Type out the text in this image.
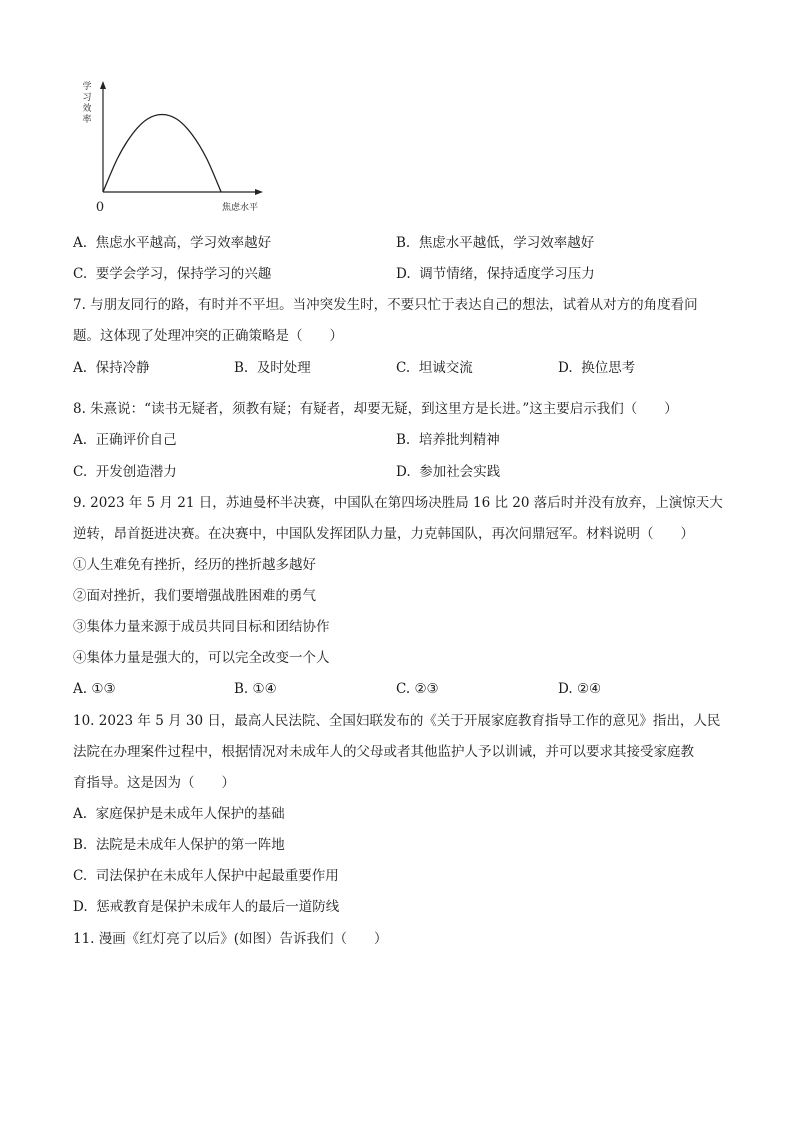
学
习
效
率
焦虑水平
0
A. 焦虑水平越高，学习效率越好	B. 焦虑水平越低，学习效率越好
C. 要学会学习，保持学习的兴趣	D. 调节情绪，保持适度学习压力
7. 与朋友同行的路，有时并不平坦。当冲突发生时，不要只忙于表达自己的想法，试着从对方的角度看问
题。这体现了处理冲突的正确策略是（　　）
A. 保持冷静	B. 及时处理	C. 坦诚交流	D. 换位思考
8. 朱熹说：“读书无疑者，须教有疑；有疑者，却要无疑，到这里方是长进。”这主要启示我们（　　）
A. 正确评价自己	B. 培养批判精神
C. 开发创造潜力	D. 参加社会实践
9. 2023 年 5 月 21 日，苏迪曼杯半决赛，中国队在第四场决胜局 16 比 20 落后时并没有放弃，上演惊天大
逆转，昂首挺进决赛。在决赛中，中国队发挥团队力量，力克韩国队，再次问鼎冠军。材料说明（　　）
①人生难免有挫折，经历的挫折越多越好
②面对挫折，我们要增强战胜困难的勇气
③集体力量来源于成员共同目标和团结协作
④集体力量是强大的，可以完全改变一个人
A. ①③	B. ①④	C. ②③	D. ②④
10. 2023 年 5 月 30 日，最高人民法院、全国妇联发布的《关于开展家庭教育指导工作的意见》指出，人民
法院在办理案件过程中，根据情况对未成年人的父母或者其他监护人予以训诫，并可以要求其接受家庭教
育指导。这是因为（　　）
A. 家庭保护是未成年人保护的基础
B. 法院是未成年人保护的第一阵地
C. 司法保护在未成年人保护中起最重要作用
D. 惩戒教育是保护未成年人的最后一道防线
11. 漫画《红灯亮了以后》(如图）告诉我们（　　）
